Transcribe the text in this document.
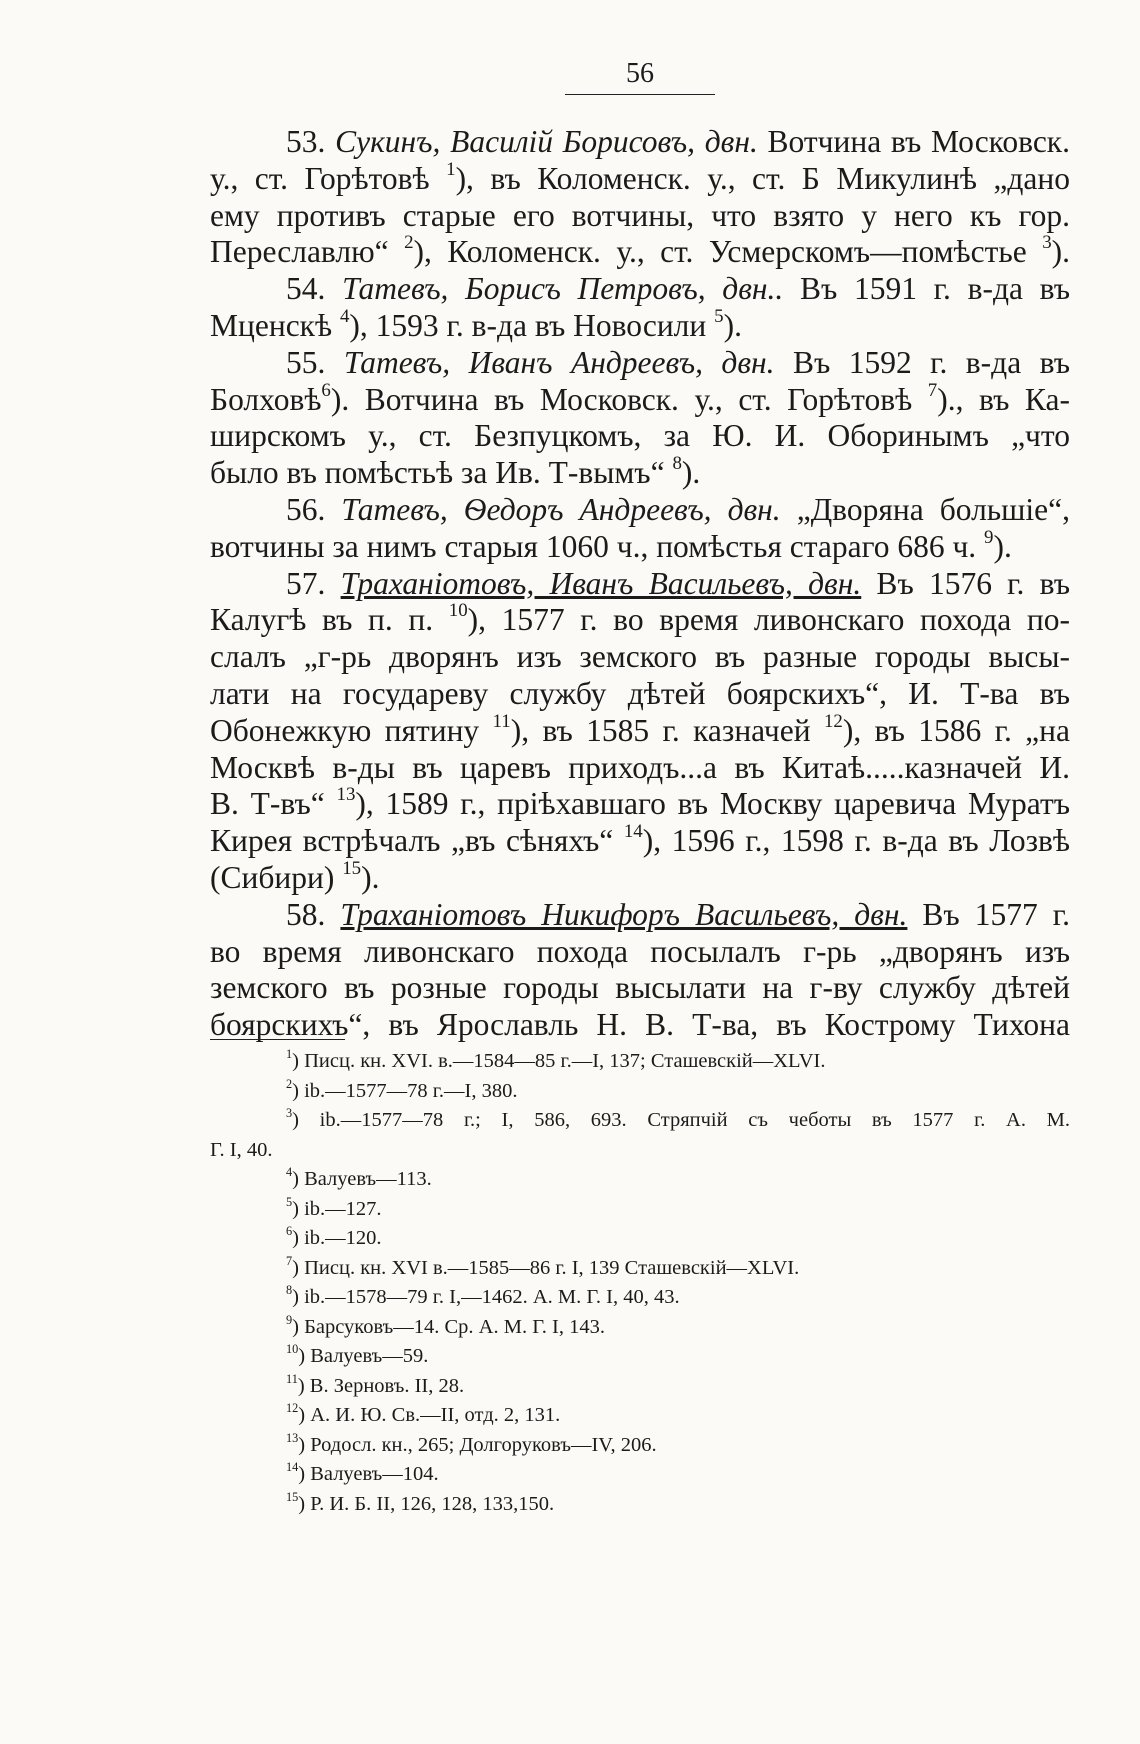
56
53. Сукинъ, Василiй Борисовъ, двн. Вотчина въ Московск.
у., ст. Горѣтовѣ $^1$), въ Коломенск. у., ст. Б Микулинѣ „дано
ему противъ старые его вотчины, что взято у него къ гор.
Переславлю“ $^2$), Коломенск. у., ст. Усмерскомъ—помѣстье $^3$).
54. Татевъ, Борисъ Петровъ, двн.. Въ 1591 г. в-да въ
Мценскѣ $^4$), 1593 г. в-да въ Новосили $^5$).
55. Татевъ, Иванъ Андреевъ, двн. Въ 1592 г. в-да въ
Болховѣ$^6$). Вотчина въ Московск. у., ст. Горѣтовѣ $^7$)., въ Ка-
ширскомъ у., ст. Безпуцкомъ, за Ю. И. Оборинымъ „что
было въ помѣстьѣ за Ив. Т-вымъ“ $^8$).
56. Татевъ, Ѳедоръ Андреевъ, двн. „Дворяна большiе“,
вотчины за нимъ старыя 1060 ч., помѣстья стараго 686 ч. $^9$).
57. Траханiотовъ, Иванъ Васильевъ, двн. Въ 1576 г. въ
Калугѣ въ п. п. $^{10}$), 1577 г. во время ливонскаго похода по-
слалъ „г-рь дворянъ изъ земского въ разные городы высы-
лати на государеву службу дѣтей боярскихъ“, И. Т-ва въ
Обонежкую пятину $^{11}$), въ 1585 г. казначей $^{12}$), въ 1586 г. „на
Москвѣ в-ды въ царевъ приходъ...а въ Китаѣ.....казначей И.
В. Т-въ“ $^{13}$), 1589 г., прiѣхавшаго въ Москву царевича Муратъ
Кирея встрѣчалъ „въ сѣняхъ“ $^{14}$), 1596 г., 1598 г. в-да въ Лозвѣ
(Сибири) $^{15}$).
58. Траханiотовъ Никифоръ Васильевъ, двн. Въ 1577 г.
во время ливонскаго похода посылалъ г-рь „дворянъ изъ
земского въ розные городы высылати на г-ву службу дѣтей
боярскихъ“, въ Ярославль Н. В. Т-ва, въ Кострому Тихона
$^1$) Писц. кн. XVI. в.—1584—85 г.—I, 137; Сташевскiй—XLVI.
$^2$) ib.—1577—78 г.—I, 380.
$^3$) ib.—1577—78 г.; I, 586, 693. Стряпчiй съ чеботы въ 1577 г. А. М.
Г. I, 40.
$^4$) Валуевъ—113.
$^5$) ib.—127.
$^6$) ib.—120.
$^7$) Писц. кн. XVI в.—1585—86 г. I, 139 Сташевскiй—XLVI.
$^8$) ib.—1578—79 г. I,—1462. А. М. Г. I, 40, 43.
$^9$) Барсуковъ—14. Ср. А. М. Г. I, 143.
$^{10}$) Валуевъ—59.
$^{11}$) В. Зерновъ. II, 28.
$^{12}$) А. И. Ю. Св.—II, отд. 2, 131.
$^{13}$) Родосл. кн., 265; Долгоруковъ—IV, 206.
$^{14}$) Валуевъ—104.
$^{15}$) Р. И. Б. II, 126, 128, 133,150.
